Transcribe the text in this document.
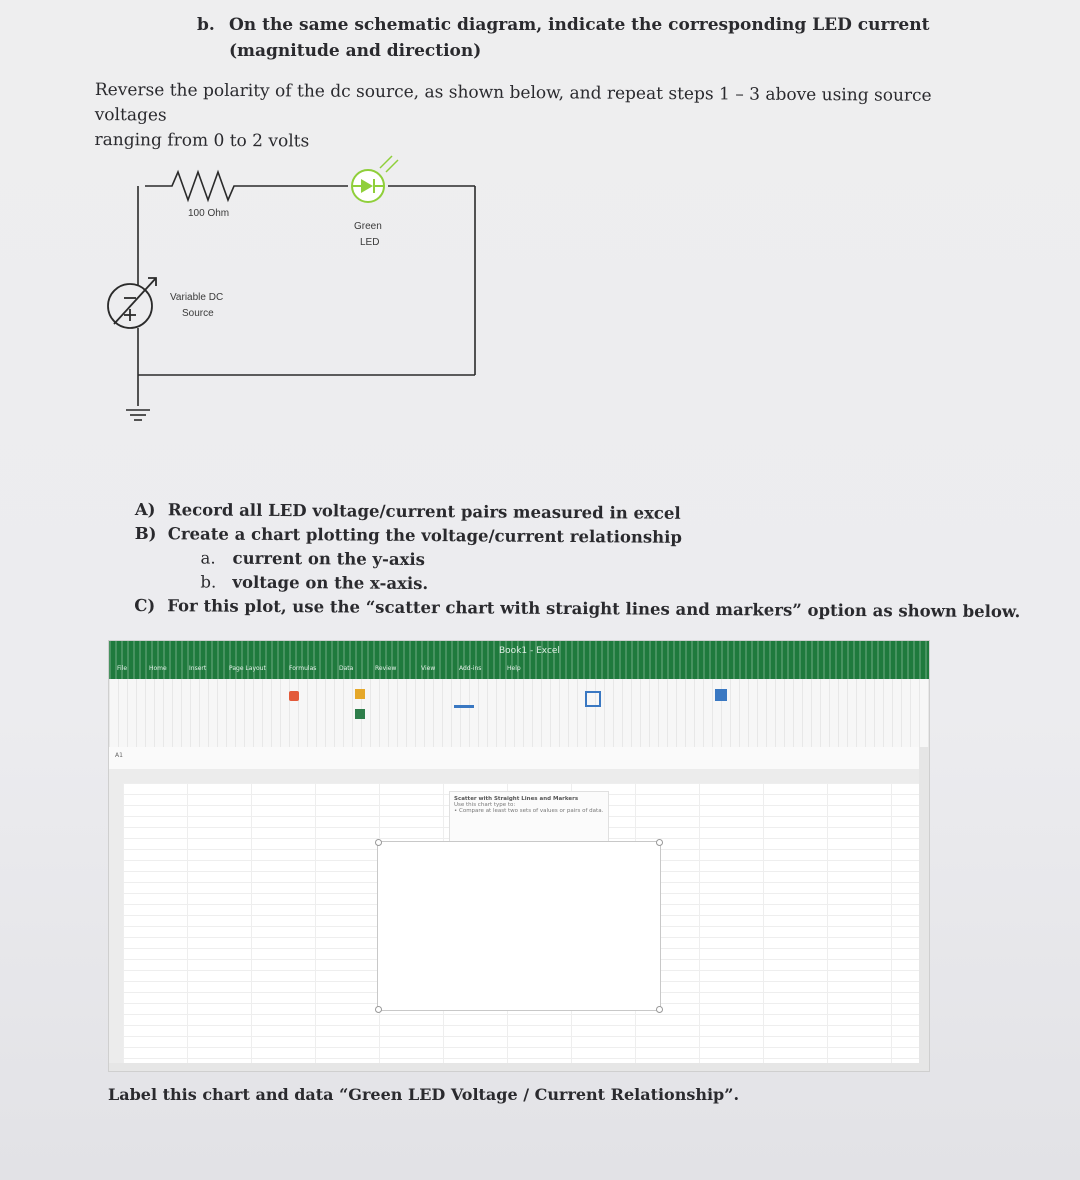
b. On the same schematic diagram, indicate the corresponding LED current
(magnitude and direction)
Reverse the polarity of the dc source, as shown below, and repeat steps 1 – 3 above using source voltages
ranging from 0 to 2 volts
100 Ohm
Green
LED
Variable DC
Source
A) Record all LED voltage/current pairs measured in excel
B) Create a chart plotting the voltage/current relationship
a. current on the y-axis
b. voltage on the x-axis.
C) For this plot, use the “scatter chart with straight lines and markers” option as shown below.
Book1 - Excel
File	Home	Insert	Page Layout	Formulas	Data	Review	View	Add-ins	Help
A1
Scatter with Straight Lines and Markers
Use this chart type to:
• Compare at least two sets of values or pairs of data.
Label this chart and data “Green LED Voltage / Current Relationship”.
